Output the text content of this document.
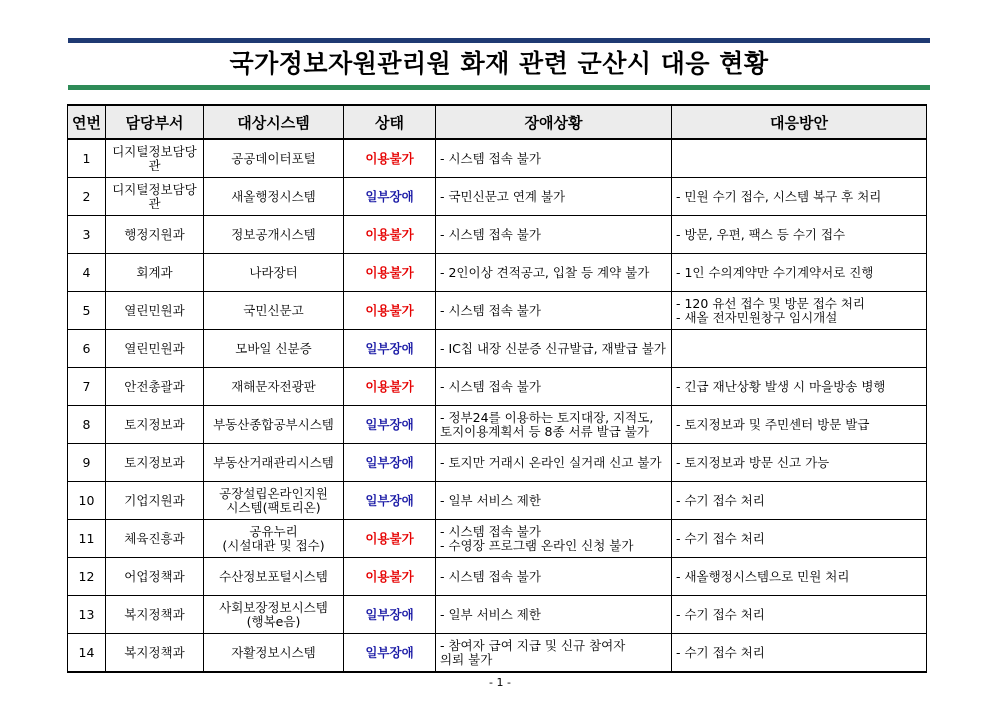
국가정보자원관리원 화재 관련 군산시 대응 현황
연번	담당부서	대상시스템	상태	장애상황	대응방안
1	디지털정보담당관	공공데이터포털	이용불가	- 시스템 접속 불가	

2	디지털정보담당관	새올행정시스템	일부장애	- 국민신문고 연계 불가	- 민원 수기 접수, 시스템 복구 후 처리

3	행정지원과	정보공개시스템	이용불가	- 시스템 접속 불가	- 방문, 우편, 팩스 등 수기 접수

4	회계과	나라장터	이용불가	- 2인이상 견적공고, 입찰 등 계약 불가	- 1인 수의계약만 수기계약서로 진행

5	열린민원과	국민신문고	이용불가	- 시스템 접속 불가	- 120 유선 접수 및 방문 접수 처리
- 새올 전자민원창구 임시개설

6	열린민원과	모바일 신분증	일부장애	- IC칩 내장 신분증 신규발급, 재발급 불가	

7	안전총괄과	재해문자전광판	이용불가	- 시스템 접속 불가	- 긴급 재난상황 발생 시 마을방송 병행

8	토지정보과	부동산종합공부시스템	일부장애	- 정부24를 이용하는 토지대장, 지적도,
토지이용계획서 등 8종 서류 발급 불가	- 토지정보과 및 주민센터 방문 발급

9	토지정보과	부동산거래관리시스템	일부장애	- 토지만 거래시 온라인 실거래 신고 불가	- 토지정보과 방문 신고 가능

10	기업지원과	공장설립온라인지원
시스템(팩토리온)	일부장애	- 일부 서비스 제한	- 수기 접수 처리

11	체육진흥과	공유누리
(시설대관 및 접수)	이용불가	- 시스템 접속 불가
- 수영장 프로그램 온라인 신청 불가	- 수기 접수 처리

12	어업정책과	수산정보포털시스템	이용불가	- 시스템 접속 불가	- 새올행정시스템으로 민원 처리

13	복지정책과	사회보장정보시스템
(행복e음)	일부장애	- 일부 서비스 제한	- 수기 접수 처리

14	복지정책과	자활정보시스템	일부장애	- 참여자 급여 지급 및 신규 참여자
의뢰 불가	- 수기 접수 처리
- 1 -
